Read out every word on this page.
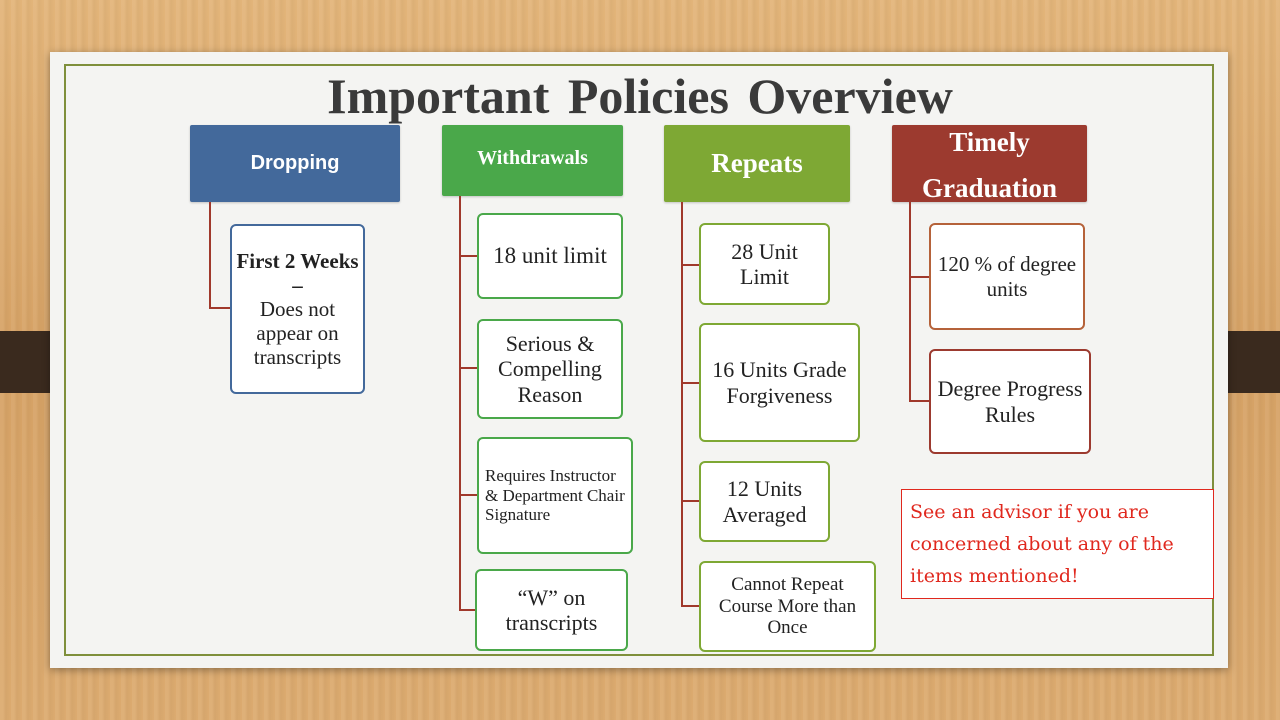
Important Policies Overview
Dropping
First 2 Weeks –
Does not appear on transcripts
Withdrawals
18 unit limit
Serious & Compelling Reason
Requires Instructor & Department Chair Signature
“W” on transcripts
Repeats
28 Unit Limit
16 Units Grade Forgiveness
12 Units Averaged
Cannot Repeat Course More than Once
Timely
Graduation
120 % of degree units
Degree Progress Rules
See an advisor if you are concerned about any of the items mentioned!
